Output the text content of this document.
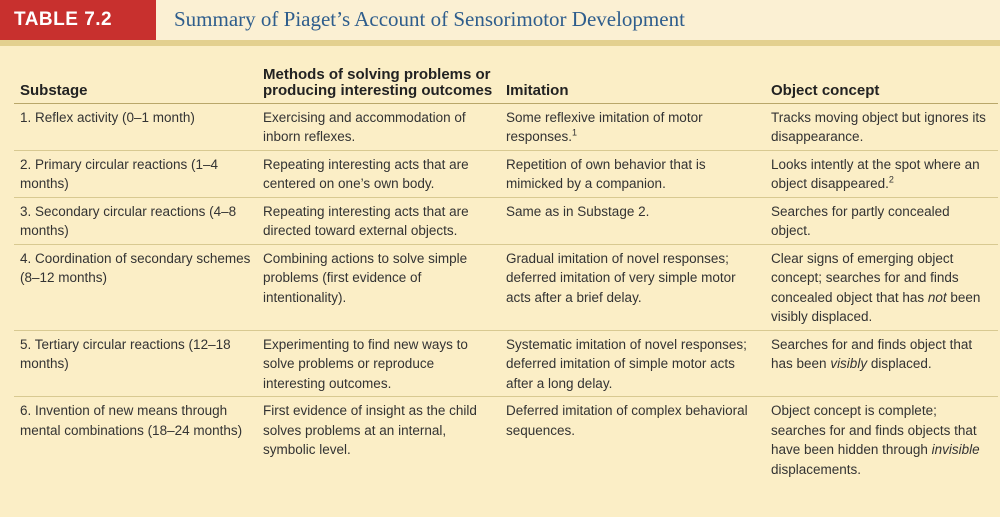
TABLE 7.2	Summary of Piaget’s Account of Sensorimotor Development
Substage	Methods of solving problems or producing interesting outcomes	Imitation	Object concept
1. Reflex activity (0–1 month)	Exercising and accommodation of inborn reflexes.	Some reflexive imitation of motor responses.$^1$	Tracks moving object but ignores its disappearance.
2. Primary circular reactions (1–4 months)	Repeating interesting acts that are centered on one’s own body.	Repetition of own behavior that is mimicked by a companion.	Looks intently at the spot where an object disappeared.$^2$
3. Secondary circular reactions (4–8 months)	Repeating interesting acts that are directed toward external objects.	Same as in Substage 2.	Searches for partly concealed object.
4. Coordination of secondary schemes (8–12 months)	Combining actions to solve simple problems (first evidence of intentionality).	Gradual imitation of novel responses; deferred imitation of very simple motor acts after a brief delay.	Clear signs of emerging object concept; searches for and finds concealed object that has not been visibly displaced.
5. Tertiary circular reactions (12–18 months)	Experimenting to find new ways to solve problems or reproduce interesting outcomes.	Systematic imitation of novel responses; deferred imitation of simple motor acts after a long delay.	Searches for and finds object that has been visibly displaced.
6. Invention of new means through mental combinations (18–24 months)	First evidence of insight as the child solves problems at an internal, symbolic level.	Deferred imitation of complex behavioral sequences.	Object concept is complete; searches for and finds objects that have been hidden through invisible displacements.
